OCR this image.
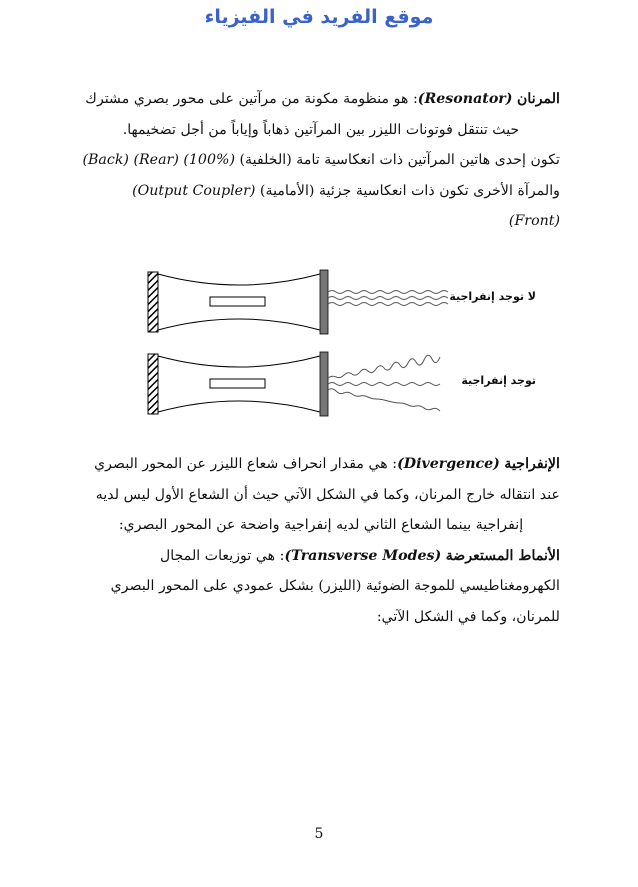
موقع الفريد في الفيزياء
المرنان (Resonator): هو منظومة مكونة من مرآتين على محور بصري مشترك
حيث تنتقل فوتونات الليزر بين المرآتين ذهاباً وإياباً من أجل تضخيمها.
تكون إحدى هاتين المرآتين ذات انعكاسية تامة (الخلفية) (Back) (Rear) (100%)
والمرآة الأخرى تكون ذات انعكاسية جزئية (الأمامية) (Output Coupler)
(Front)
لا توجد إنفراجية
توجد إنفراجية
الإنفراجية (Divergence): هي مقدار انحراف شعاع الليزر عن المحور البصري
عند انتقاله خارج المرنان، وكما في الشكل الآتي حيث أن الشعاع الأول ليس لديه
إنفراجية بينما الشعاع الثاني لديه إنفراجية واضحة عن المحور البصري:
الأنماط المستعرضة (Transverse Modes): هي توزيعات المجال
الكهرومغناطيسي للموجة الضوئية (الليزر) بشكل عمودي على المحور البصري
للمرنان، وكما في الشكل الآتي:
5
